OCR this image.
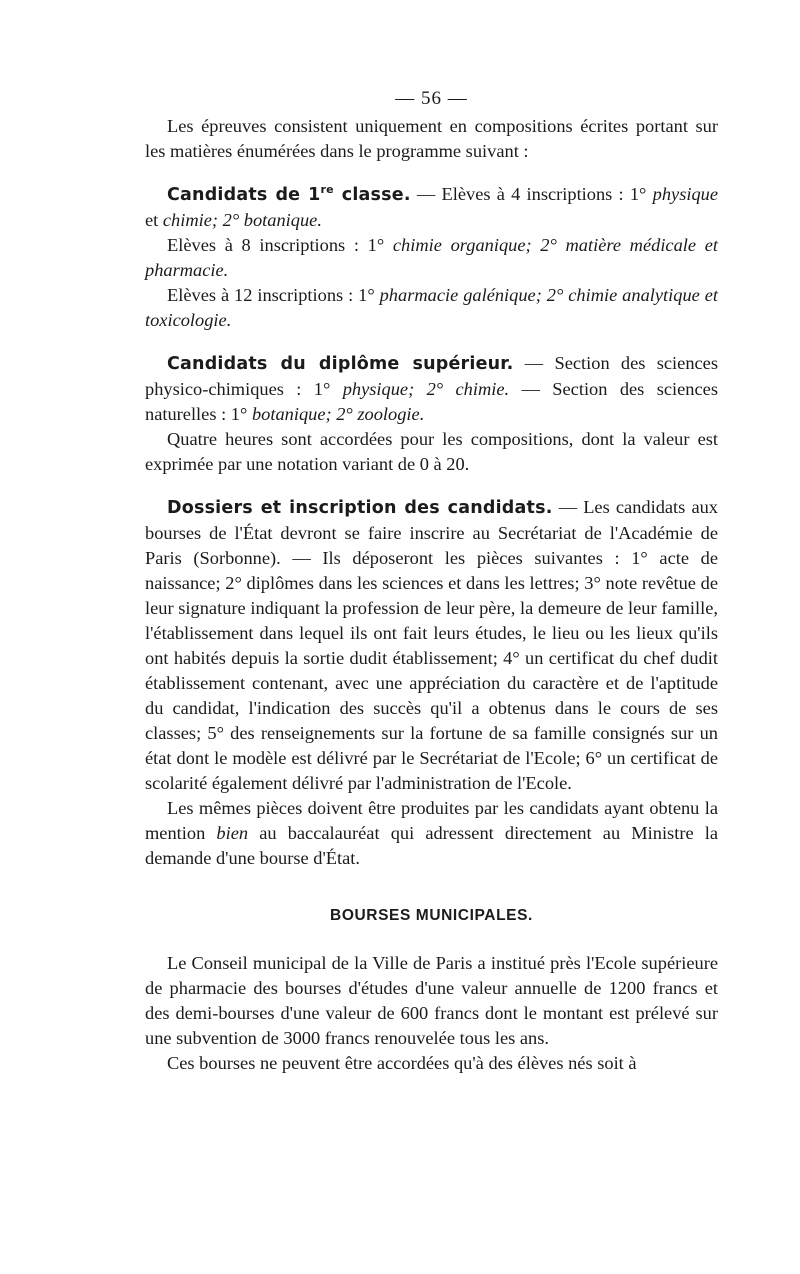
— 56 —

Les épreuves consistent uniquement en compositions écrites portant sur les matières énumérées dans le programme suivant :

Candidats de 1re classe. — Elèves à 4 inscriptions : 1° physique et chimie; 2° botanique.

Elèves à 8 inscriptions : 1° chimie organique; 2° matière médicale et pharmacie.

Elèves à 12 inscriptions : 1° pharmacie galénique; 2° chimie analytique et toxicologie.

Candidats du diplôme supérieur. — Section des sciences physico-chimiques : 1° physique; 2° chimie. — Section des sciences naturelles : 1° botanique; 2° zoologie.

Quatre heures sont accordées pour les compositions, dont la valeur est exprimée par une notation variant de 0 à 20.

Dossiers et inscription des candidats. — Les candidats aux bourses de l'État devront se faire inscrire au Secrétariat de l'Académie de Paris (Sorbonne). — Ils déposeront les pièces suivantes : 1° acte de naissance; 2° diplômes dans les sciences et dans les lettres; 3° note revêtue de leur signature indiquant la profession de leur père, la demeure de leur famille, l'établissement dans lequel ils ont fait leurs études, le lieu ou les lieux qu'ils ont habités depuis la sortie dudit établissement; 4° un certificat du chef dudit établissement contenant, avec une appréciation du caractère et de l'aptitude du candidat, l'indication des succès qu'il a obtenus dans le cours de ses classes; 5° des renseignements sur la fortune de sa famille consignés sur un état dont le modèle est délivré par le Secrétariat de l'Ecole; 6° un certificat de scolarité également délivré par l'administration de l'Ecole.

Les mêmes pièces doivent être produites par les candidats ayant obtenu la mention bien au baccalauréat qui adressent directement au Ministre la demande d'une bourse d'État.

BOURSES MUNICIPALES.

Le Conseil municipal de la Ville de Paris a institué près l'Ecole supérieure de pharmacie des bourses d'études d'une valeur annuelle de 1200 francs et des demi-bourses d'une valeur de 600 francs dont le montant est prélevé sur une subvention de 3000 francs renouvelée tous les ans.

Ces bourses ne peuvent être accordées qu'à des élèves nés soit à
